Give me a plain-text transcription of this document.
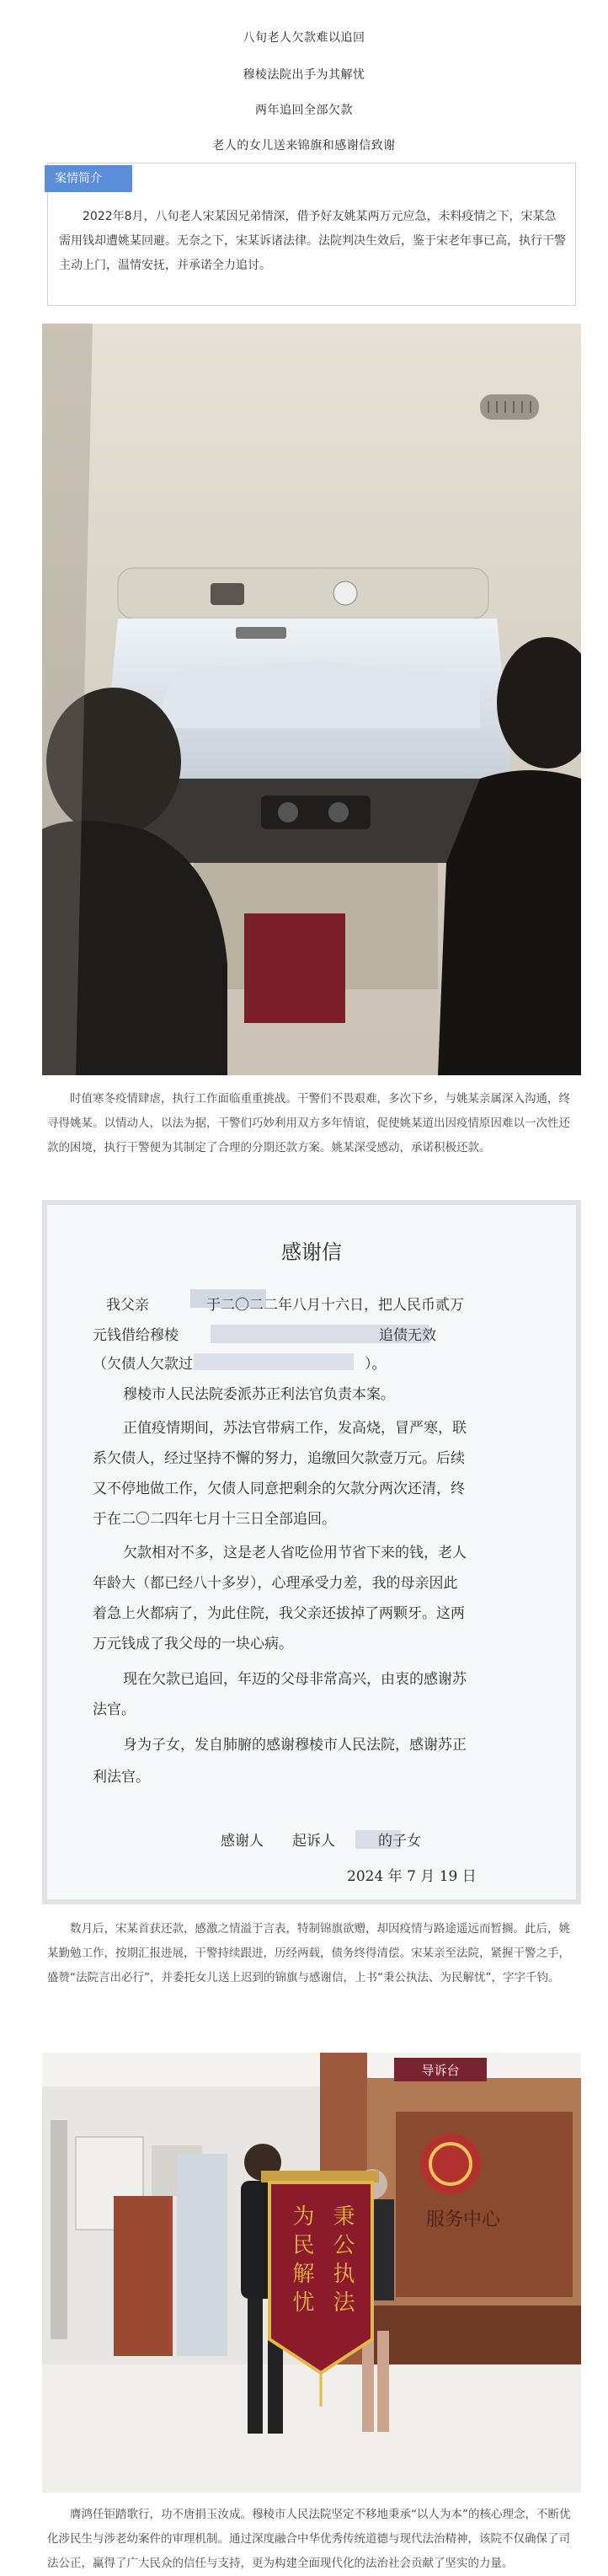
八旬老人欠款难以追回
穆棱法院出手为其解忧
两年追回全部欠款
老人的女儿送来锦旗和感谢信致谢
案情简介

2022年8月，八旬老人宋某因兄弟情深，借予好友姚某两万元应急，未料疫情之下，宋某急需用钱却遭姚某回避。无奈之下，宋某诉诸法律。法院判决生效后，鉴于宋老年事已高，执行干警主动上门，温情安抚，并承诺全力追讨。

时值寒冬疫情肆虐，执行工作面临重重挑战。干警们不畏艰难，多次下乡，与姚某亲属深入沟通，终寻得姚某。以情动人，以法为据，干警们巧妙利用双方多年情谊，促使姚某道出因疫情原因难以一次性还款的困境，执行干警便为其制定了合理的分期还款方案。姚某深受感动，承诺积极还款。

感谢信
我父亲　　　　于二〇二二年八月十六日，把人民币贰万
元钱借给穆棱　　　　　　　　　　　　　　追债无效
（欠债人欠款过　　　　　　　　　　　　）。
穆棱市人民法院委派苏正利法官负责本案。
正值疫情期间，苏法官带病工作，发高烧，冒严寒，联
系欠债人，经过坚持不懈的努力，追缴回欠款壹万元。后续
又不停地做工作，欠债人同意把剩余的欠款分两次还清，终
于在二〇二四年七月十三日全部追回。
欠款相对不多，这是老人省吃俭用节省下来的钱，老人
年龄大（都已经八十多岁），心理承受力差，我的母亲因此
着急上火都病了，为此住院，我父亲还拔掉了两颗牙。这两
万元钱成了我父母的一块心病。
现在欠款已追回，年迈的父母非常高兴，由衷的感谢苏
法官。
身为子女，发自肺腑的感谢穆棱市人民法院，感谢苏正
利法官。
感谢人　　起诉人　　　的子女
2024 年 7 月 19 日

数月后，宋某首获还款，感激之情溢于言表，特制锦旗欲赠，却因疫情与路途遥远而暂搁。此后，姚某勤勉工作，按期汇报进展，干警持续跟进，历经两载，债务终得清偿。宋某亲至法院，紧握干警之手，盛赞“法院言出必行”，并委托女儿送上迟到的锦旗与感谢信，上书“秉公执法、为民解忧”，字字千钧。

导诉台
服务中心
秉公执法
为民解忧

膺鸿任钜踏歌行，功不唐捐玉汝成。穆棱市人民法院坚定不移地秉承“以人为本”的核心理念，不断优化涉民生与涉老幼案件的审理机制。通过深度融合中华优秀传统道德与现代法治精神，该院不仅确保了司法公正，赢得了广大民众的信任与支持，更为构建全面现代化的法治社会贡献了坚实的力量。
